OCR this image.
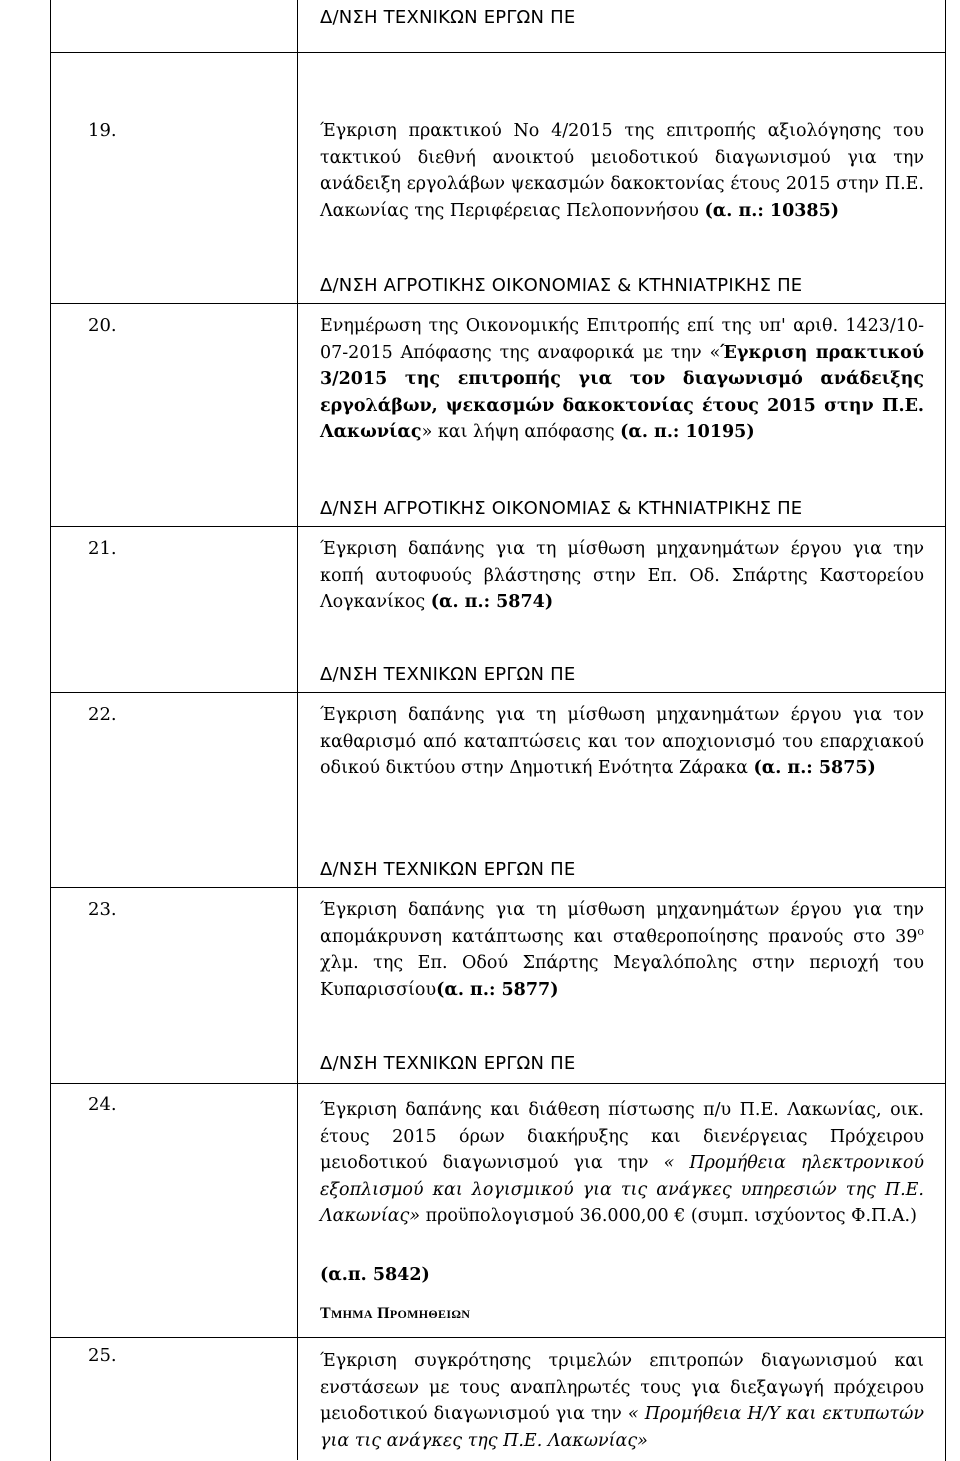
Δ/ΝΣΗ ΤΕΧΝΙΚΩΝ ΕΡΓΩΝ ΠΕ
19.	Έγκριση πρακτικού Νο 4/2015 της επιτροπής αξιολόγησης του τακτικού διεθνή ανοικτού μειοδοτικού διαγωνισμού για την ανάδειξη εργολάβων ψεκασμών δακοκτονίας έτους 2015 στην Π.Ε. Λακωνίας της Περιφέρειας Πελοποννήσου (α. π.: 10385)
Δ/ΝΣΗ ΑΓΡΟΤΙΚΗΣ ΟΙΚΟΝΟΜΙΑΣ & ΚΤΗΝΙΑΤΡΙΚΗΣ ΠΕ
20.	Ενημέρωση της Οικονομικής Επιτροπής επί της υπ' αριθ. 1423/10-07-2015 Απόφασης της αναφορικά με την «Έγκριση πρακτικού 3/2015 της επιτροπής για τον διαγωνισμό ανάδειξης εργολάβων, ψεκασμών δακοκτονίας έτους 2015 στην Π.Ε. Λακωνίας» και λήψη απόφασης (α. π.: 10195)
Δ/ΝΣΗ ΑΓΡΟΤΙΚΗΣ ΟΙΚΟΝΟΜΙΑΣ & ΚΤΗΝΙΑΤΡΙΚΗΣ ΠΕ
21.	Έγκριση δαπάνης για τη μίσθωση μηχανημάτων έργου για την κοπή αυτοφυούς βλάστησης στην Επ. Οδ. Σπάρτης Καστορείου Λογκανίκος (α. π.: 5874)
Δ/ΝΣΗ ΤΕΧΝΙΚΩΝ ΕΡΓΩΝ ΠΕ
22.	Έγκριση δαπάνης για τη μίσθωση μηχανημάτων έργου για τον καθαρισμό από καταπτώσεις και τον αποχιονισμό του επαρχιακού οδικού δικτύου στην Δημοτική Ενότητα Ζάρακα (α. π.: 5875)
Δ/ΝΣΗ ΤΕΧΝΙΚΩΝ ΕΡΓΩΝ ΠΕ
23.	Έγκριση δαπάνης για τη μίσθωση μηχανημάτων έργου για την απομάκρυνση κατάπτωσης και σταθεροποίησης πρανούς στο $39^o$ χλμ. της Επ. Οδού Σπάρτης Μεγαλόπολης στην περιοχή του Κυπαρισσίου(α. π.: 5877)
Δ/ΝΣΗ ΤΕΧΝΙΚΩΝ ΕΡΓΩΝ ΠΕ
24.	Έγκριση δαπάνης και διάθεση πίστωσης π/υ Π.Ε. Λακωνίας, οικ. έτους 2015 όρων διακήρυξης και διενέργειας Πρόχειρου μειοδοτικού διαγωνισμού για την « Προμήθεια ηλεκτρονικού εξοπλισμού και λογισμικού για τις ανάγκες υπηρεσιών της Π.Ε. Λακωνίας» προϋπολογισμού 36.000,00 € (συμπ. ισχύοντος Φ.Π.Α.)
(α.π. 5842)
ΤΜΗΜΑ ΠΡΟΜΗΘΕΙΩΝ
25.	Έγκριση συγκρότησης τριμελών επιτροπών διαγωνισμού και ενστάσεων με τους αναπληρωτές τους για διεξαγωγή πρόχειρου μειοδοτικού διαγωνισμού για την « Προμήθεια Η/Υ και εκτυπωτών για τις ανάγκες της Π.Ε. Λακωνίας»
